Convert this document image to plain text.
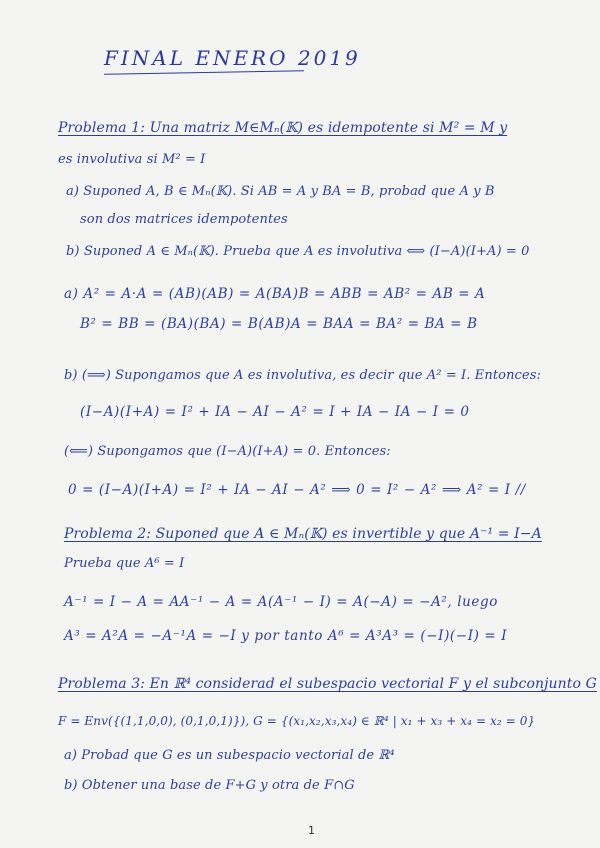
FINAL ENERO 2019
Problema 1: Una matriz M∈Mₙ(𝕂) es idempotente si M² = M y
es involutiva si M² = I
a) Suponed A, B ∈ Mₙ(𝕂). Si AB = A y BA = B, probad que A y B
son dos matrices idempotentes
b) Suponed A ∈ Mₙ(𝕂). Prueba que A es involutiva ⟺ (I−A)(I+A) = 0
a) A² = A·A = (AB)(AB) = A(BA)B = ABB = AB² = AB = A
B² = BB = (BA)(BA) = B(AB)A = BAA = BA² = BA = B
b) (⟹) Supongamos que A es involutiva, es decir que A² = I. Entonces:
(I−A)(I+A) = I² + IA − AI − A² = I + IA − IA − I = 0
(⟸) Supongamos que (I−A)(I+A) = 0. Entonces:
0 = (I−A)(I+A) = I² + IA − AI − A² ⟹ 0 = I² − A² ⟹ A² = I //
Problema 2: Suponed que A ∈ Mₙ(𝕂) es invertible y que A⁻¹ = I−A
Prueba que A⁶ = I
A⁻¹ = I − A = AA⁻¹ − A = A(A⁻¹ − I) = A(−A) = −A², luego
A³ = A²A = −A⁻¹A = −I y por tanto A⁶ = A³A³ = (−I)(−I) = I
Problema 3: En ℝ⁴ considerad el subespacio vectorial F y el subconjunto G
F = Env({(1,1,0,0), (0,1,0,1)}), G = {(x₁,x₂,x₃,x₄) ∈ ℝ⁴ | x₁ + x₃ + x₄ = x₂ = 0}
a) Probad que G es un subespacio vectorial de ℝ⁴
b) Obtener una base de F+G y otra de F∩G
1
